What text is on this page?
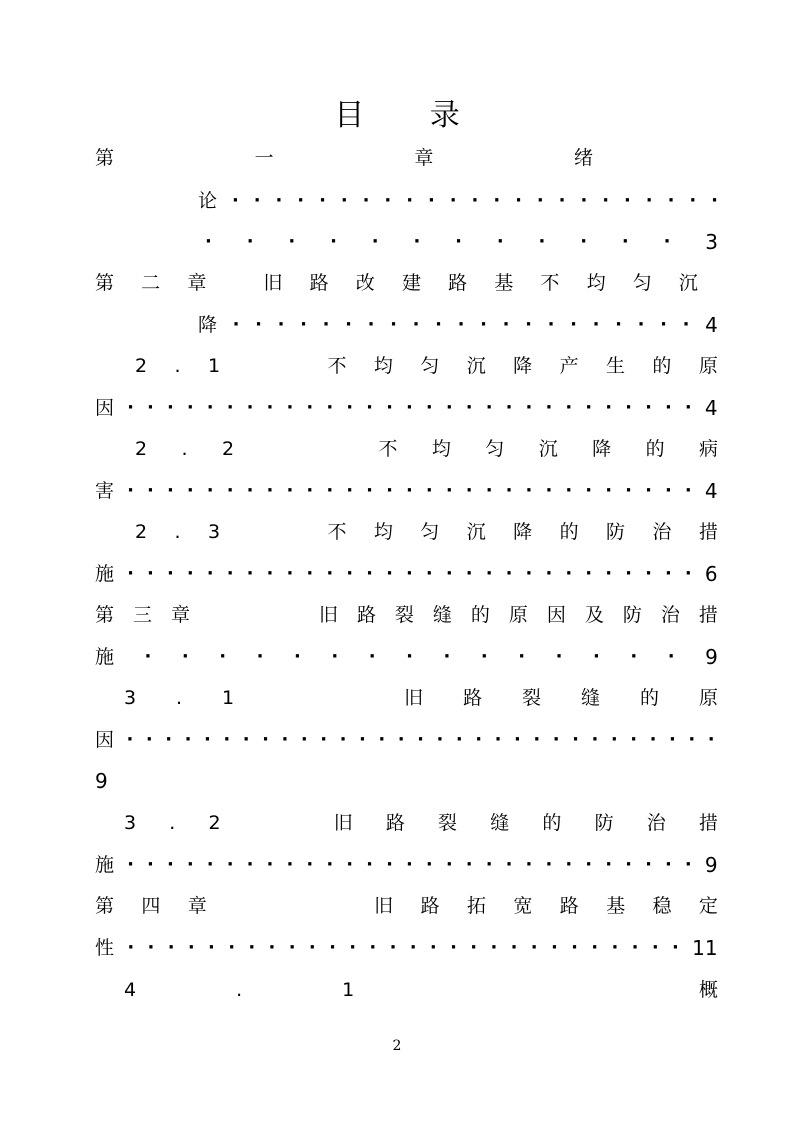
目 录
第	一	章	绪
论 · · · · · · · · · · · · · · · · · · · · · · ·
· · · · · · · · · · · · 3
第 二 章	旧 路 改 建 路 基 不 均 匀 沉
降 · · · · · · · · · · · · · · · · · · · · · 4
2 . 1	不 均 匀 沉 降 产 生 的 原
因 · · · · · · · · · · · · · · · · · · · · · · · · · · · · · 4
2 . 2	不 均 匀 沉 降 的 病
害 · · · · · · · · · · · · · · · · · · · · · · · · · · · · · 4
2 . 3	不 均 匀 沉 降 的 防 治 措
施 · · · · · · · · · · · · · · · · · · · · · · · · · · · · · 6
第 三 章	旧 路 裂 缝 的 原 因 及 防 治 措
施 · · · · · · · · · · · · · · · 9
3 . 1	旧 路 裂 缝 的 原
因 · · · · · · · · · · · · · · · · · · · · · · · · · · · · · · ·
9
3 . 2	旧 路 裂 缝 的 防 治 措
施 · · · · · · · · · · · · · · · · · · · · · · · · · · · · · 9
第 四 章	旧 路 拓 宽 路 基 稳 定
性 · · · · · · · · · · · · · · · · · · · · · · · · · · · · 11
4	.	1	概
2
